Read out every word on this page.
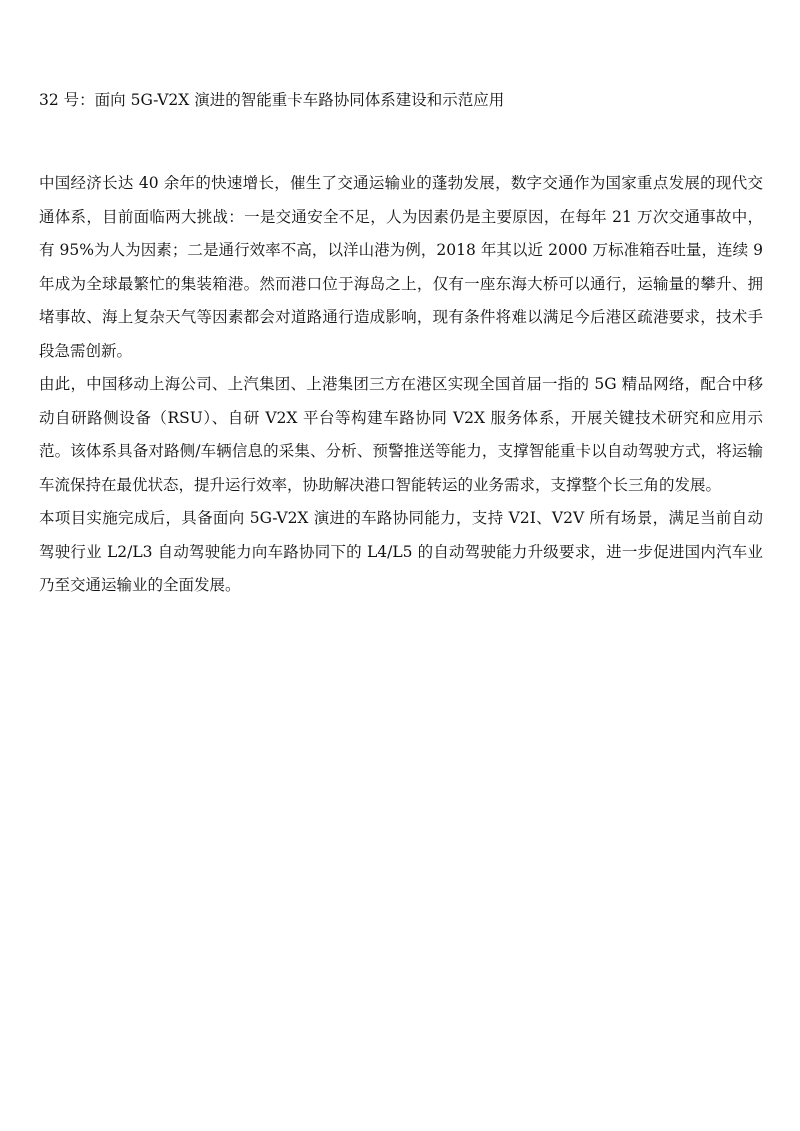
32 号：面向 5G-V2X 演进的智能重卡车路协同体系建设和示范应用

中国经济长达 40 余年的快速增长，催生了交通运输业的蓬勃发展，数字交通作为国家重点发展的现代交通体系，目前面临两大挑战：一是交通安全不足，人为因素仍是主要原因，在每年 21 万次交通事故中，有 95%为人为因素；二是通行效率不高，以洋山港为例，2018 年其以近 2000 万标准箱吞吐量，连续 9 年成为全球最繁忙的集装箱港。然而港口位于海岛之上，仅有一座东海大桥可以通行，运输量的攀升、拥堵事故、海上复杂天气等因素都会对道路通行造成影响，现有条件将难以满足今后港区疏港要求，技术手段急需创新。

由此，中国移动上海公司、上汽集团、上港集团三方在港区实现全国首届一指的 5G 精品网络，配合中移动自研路侧设备（RSU）、自研 V2X 平台等构建车路协同 V2X 服务体系，开展关键技术研究和应用示范。该体系具备对路侧/车辆信息的采集、分析、预警推送等能力，支撑智能重卡以自动驾驶方式，将运输车流保持在最优状态，提升运行效率，协助解决港口智能转运的业务需求，支撑整个长三角的发展。

本项目实施完成后，具备面向 5G-V2X 演进的车路协同能力，支持 V2I、V2V 所有场景，满足当前自动驾驶行业 L2/L3 自动驾驶能力向车路协同下的 L4/L5 的自动驾驶能力升级要求，进一步促进国内汽车业乃至交通运输业的全面发展。
